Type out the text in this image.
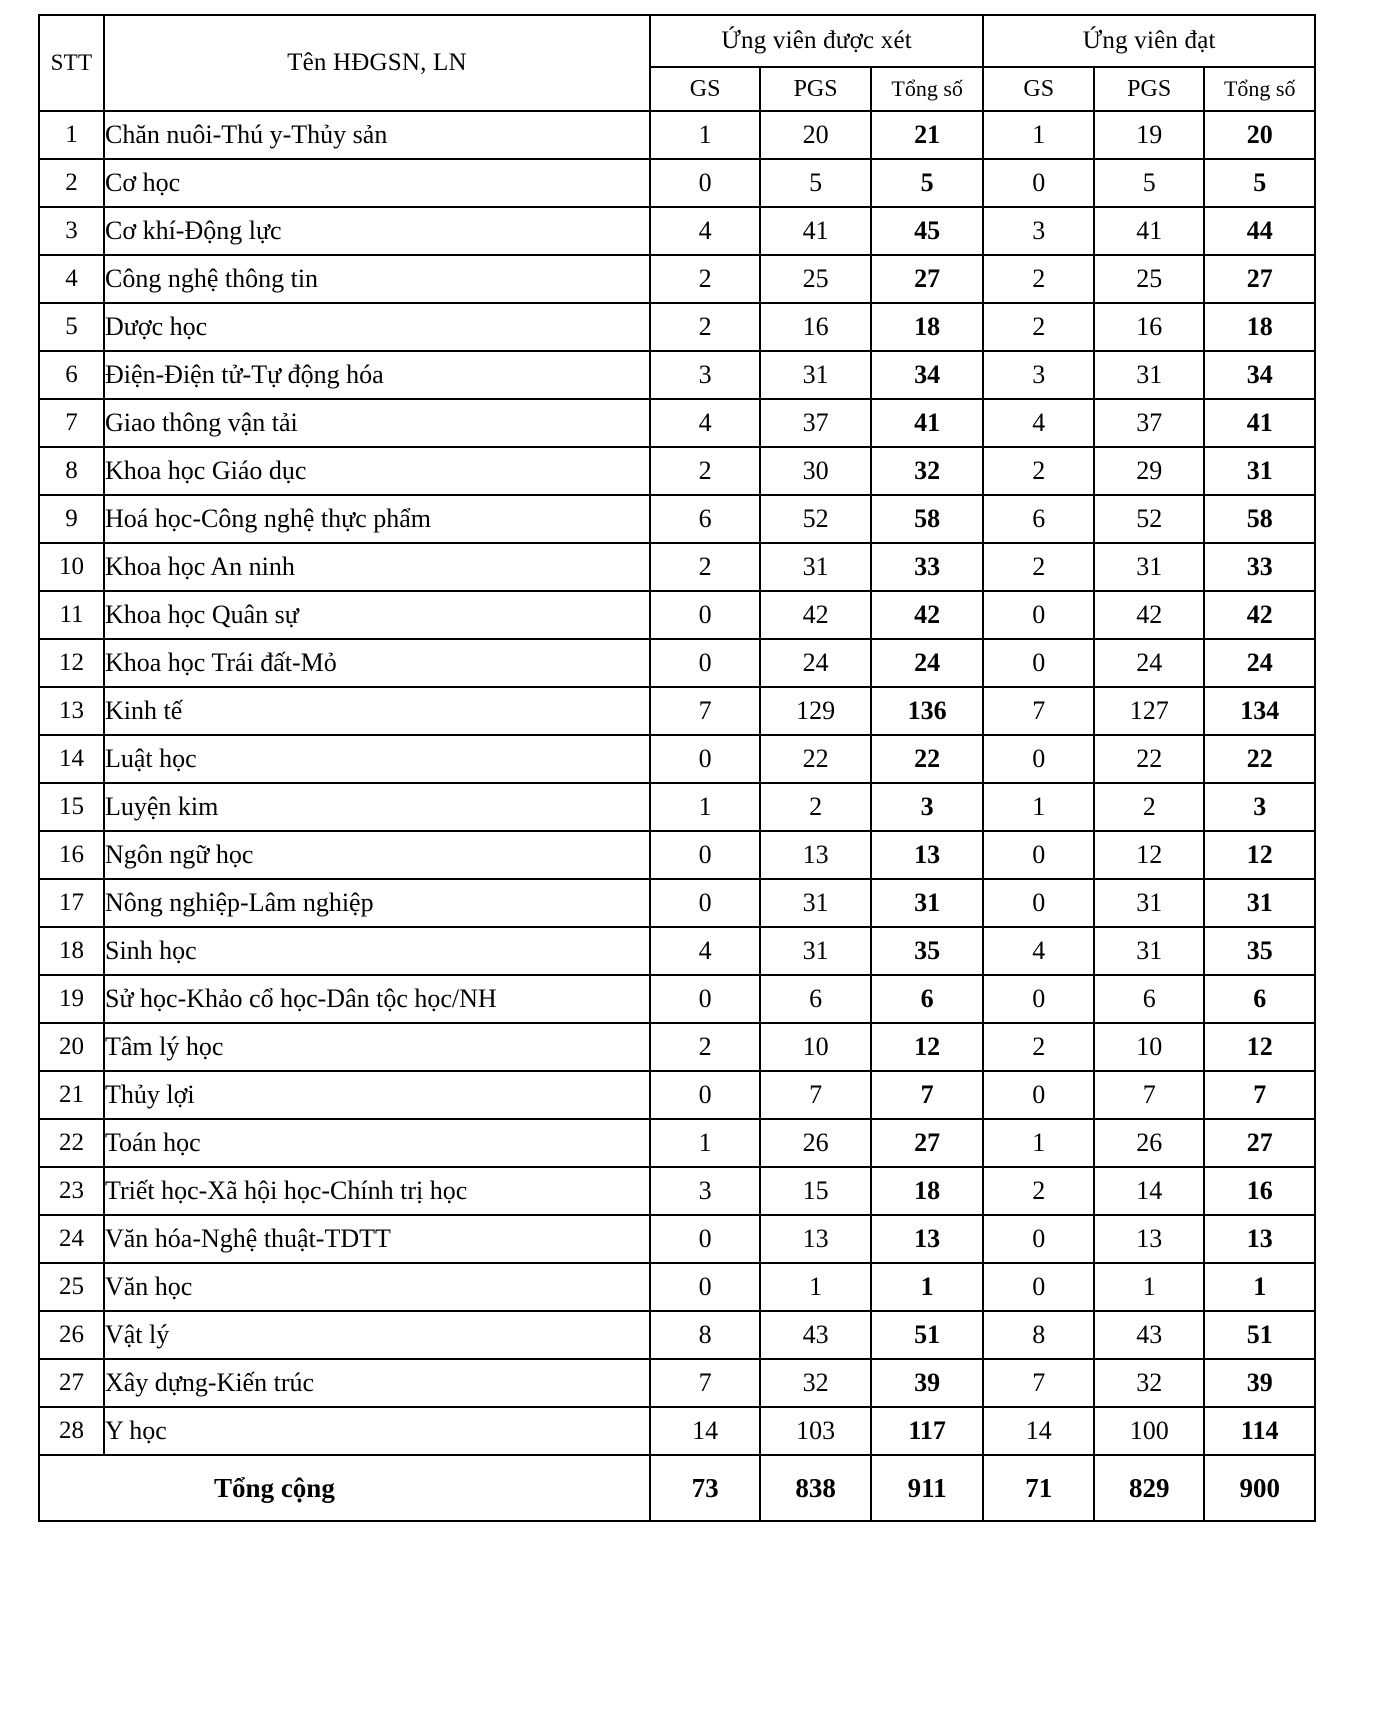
STT	Tên HĐGSN, LN	Ứng viên được xét			Ứng viên đạt		
		GS	PGS	Tổng số	GS	PGS	Tổng số
1	Chăn nuôi-Thú y-Thủy sản	1	20	21	1	19	20
2	Cơ học	0	5	5	0	5	5
3	Cơ khí-Động lực	4	41	45	3	41	44
4	Công nghệ thông tin	2	25	27	2	25	27
5	Dược học	2	16	18	2	16	18
6	Điện-Điện tử-Tự động hóa	3	31	34	3	31	34
7	Giao thông vận tải	4	37	41	4	37	41
8	Khoa học Giáo dục	2	30	32	2	29	31
9	Hoá học-Công nghệ thực phẩm	6	52	58	6	52	58
10	Khoa học An ninh	2	31	33	2	31	33
11	Khoa học Quân sự	0	42	42	0	42	42
12	Khoa học Trái đất-Mỏ	0	24	24	0	24	24
13	Kinh tế	7	129	136	7	127	134
14	Luật học	0	22	22	0	22	22
15	Luyện kim	1	2	3	1	2	3
16	Ngôn ngữ học	0	13	13	0	12	12
17	Nông nghiệp-Lâm nghiệp	0	31	31	0	31	31
18	Sinh học	4	31	35	4	31	35
19	Sử học-Khảo cổ học-Dân tộc học/NH	0	6	6	0	6	6
20	Tâm lý học	2	10	12	2	10	12
21	Thủy lợi	0	7	7	0	7	7
22	Toán học	1	26	27	1	26	27
23	Triết học-Xã hội học-Chính trị học	3	15	18	2	14	16
24	Văn hóa-Nghệ thuật-TDTT	0	13	13	0	13	13
25	Văn học	0	1	1	0	1	1
26	Vật lý	8	43	51	8	43	51
27	Xây dựng-Kiến trúc	7	32	39	7	32	39
28	Y học	14	103	117	14	100	114
Tổng cộng		73	838	911	71	829	900
